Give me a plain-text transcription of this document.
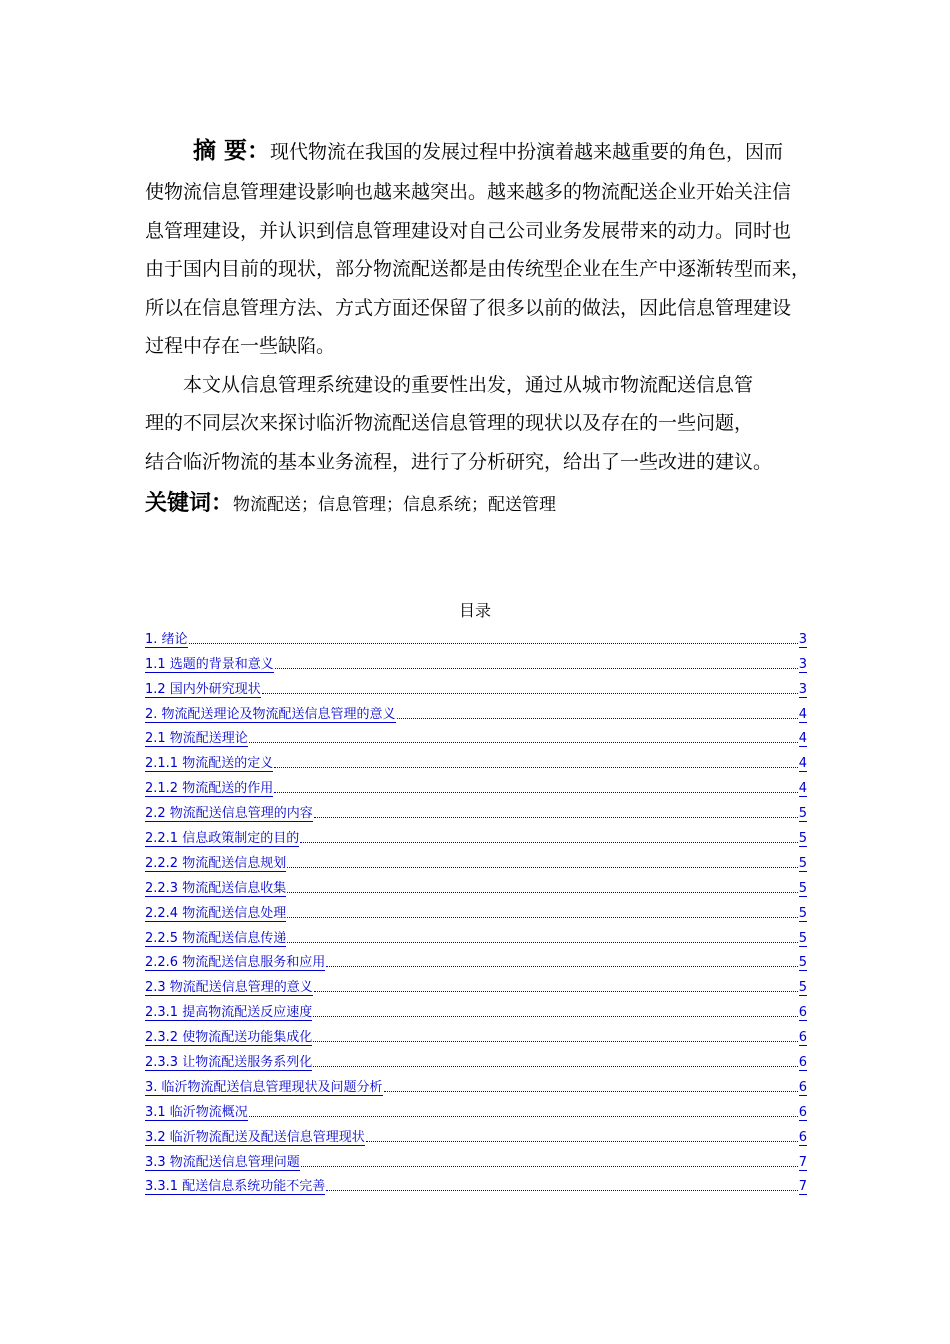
摘 要：现代物流在我国的发展过程中扮演着越来越重要的角色，因而
使物流信息管理建设影响也越来越突出。越来越多的物流配送企业开始关注信
息管理建设，并认识到信息管理建设对自己公司业务发展带来的动力。同时也
由于国内目前的现状，部分物流配送都是由传统型企业在生产中逐渐转型而来，
所以在信息管理方法、方式方面还保留了很多以前的做法，因此信息管理建设
过程中存在一些缺陷。
本文从信息管理系统建设的重要性出发，通过从城市物流配送信息管
理的不同层次来探讨临沂物流配送信息管理的现状以及存在的一些问题，
结合临沂物流的基本业务流程，进行了分析研究，给出了一些改进的建议。
关键词：物流配送；信息管理；信息系统；配送管理
目录
1. 绪论	3
1.1 选题的背景和意义	3
1.2 国内外研究现状	3
2. 物流配送理论及物流配送信息管理的意义	4
2.1 物流配送理论	4
2.1.1 物流配送的定义	4
2.1.2 物流配送的作用	4
2.2 物流配送信息管理的内容	5
2.2.1 信息政策制定的目的	5
2.2.2 物流配送信息规划	5
2.2.3 物流配送信息收集	5
2.2.4 物流配送信息处理	5
2.2.5 物流配送信息传递	5
2.2.6 物流配送信息服务和应用	5
2.3 物流配送信息管理的意义	5
2.3.1 提高物流配送反应速度	6
2.3.2 使物流配送功能集成化	6
2.3.3 让物流配送服务系列化	6
3. 临沂物流配送信息管理现状及问题分析	6
3.1 临沂物流概况	6
3.2 临沂物流配送及配送信息管理现状	6
3.3 物流配送信息管理问题	7
3.3.1 配送信息系统功能不完善	7
